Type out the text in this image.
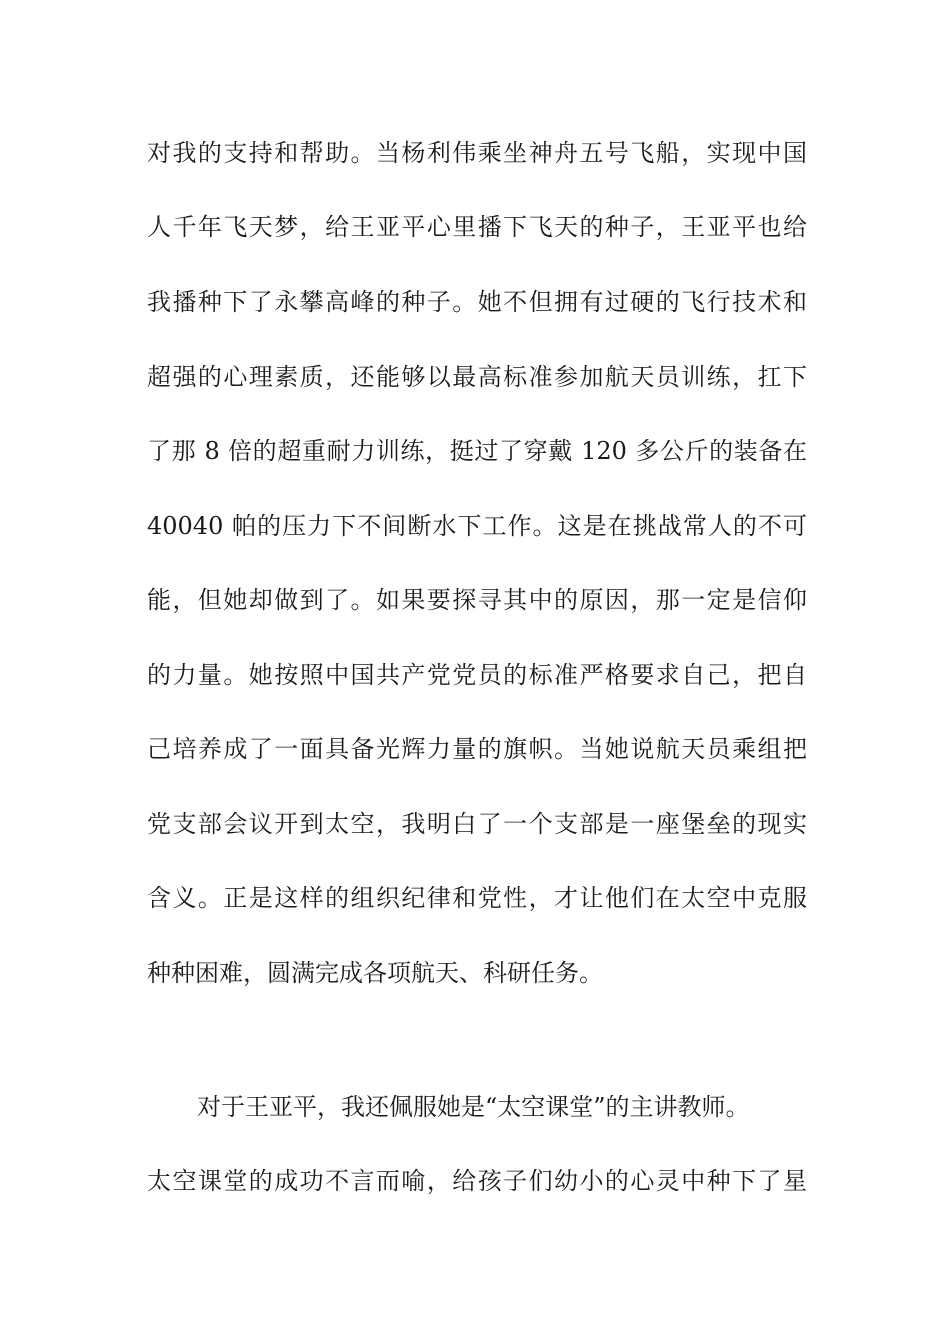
对我的支持和帮助。当杨利伟乘坐神舟五号飞船，实现中国
人千年飞天梦，给王亚平心里播下飞天的种子，王亚平也给
我播种下了永攀高峰的种子。她不但拥有过硬的飞行技术和
超强的心理素质，还能够以最高标准参加航天员训练，扛下
了那 8 倍的超重耐力训练，挺过了穿戴 120 多公斤的装备在
40040 帕的压力下不间断水下工作。这是在挑战常人的不可
能，但她却做到了。如果要探寻其中的原因，那一定是信仰
的力量。她按照中国共产党党员的标准严格要求自己，把自
己培养成了一面具备光辉力量的旗帜。当她说航天员乘组把
党支部会议开到太空，我明白了一个支部是一座堡垒的现实
含义。正是这样的组织纪律和党性，才让他们在太空中克服
种种困难，圆满完成各项航天、科研任务。
对于王亚平，我还佩服她是“太空课堂”的主讲教师。
太空课堂的成功不言而喻，给孩子们幼小的心灵中种下了星
